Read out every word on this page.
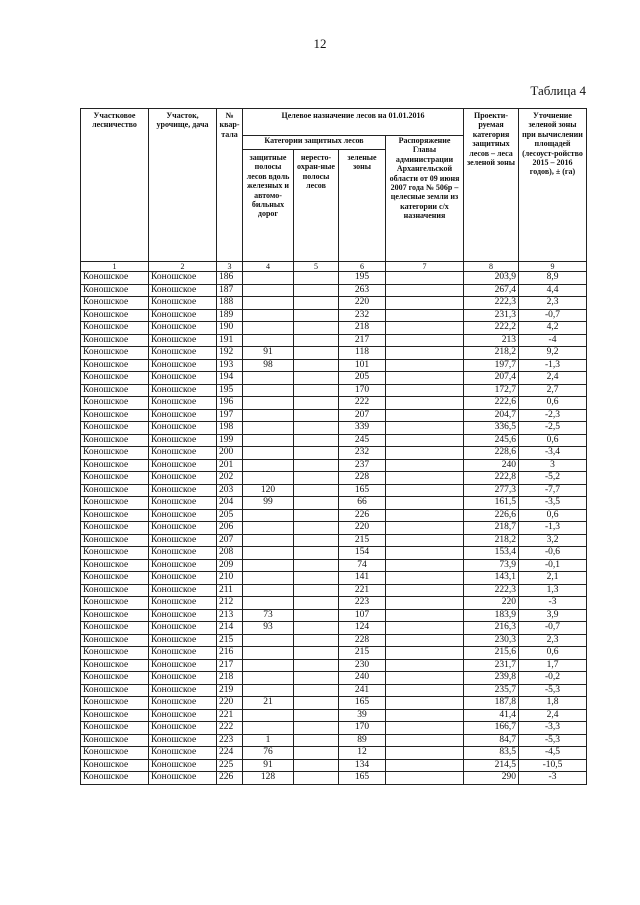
12
Таблица 4
Участковое лесничество	Участок, урочище, дача	№ квар-тала	Целевое назначение лесов на 01.01.2016				Проекти-руемая категория защитных лесов – леса зеленой зоны	Уточнение зеленой зоны при вычислении площадей (лесоуст-ройство 2015 – 2016 годов), ± (га)
			Категории защитных лесов			Распоряжение Главы администрации Архангельской области от 09 июня 2007 года № 506р – целесные земли из категории с/х назначения		
			защитные полосы лесов вдоль железных и автомо-бильных дорог	нересто-охран-ные полосы лесов	зеленые зоны			
1	2	3	4	5	6	7	8	9
Коношское	Коношское	186			195		203,9	8,9
Коношское	Коношское	187			263		267,4	4,4
Коношское	Коношское	188			220		222,3	2,3
Коношское	Коношское	189			232		231,3	-0,7
Коношское	Коношское	190			218		222,2	4,2
Коношское	Коношское	191			217		213	-4
Коношское	Коношское	192	91		118		218,2	9,2
Коношское	Коношское	193	98		101		197,7	-1,3
Коношское	Коношское	194			205		207,4	2,4
Коношское	Коношское	195			170		172,7	2,7
Коношское	Коношское	196			222		222,6	0,6
Коношское	Коношское	197			207		204,7	-2,3
Коношское	Коношское	198			339		336,5	-2,5
Коношское	Коношское	199			245		245,6	0,6
Коношское	Коношское	200			232		228,6	-3,4
Коношское	Коношское	201			237		240	3
Коношское	Коношское	202			228		222,8	-5,2
Коношское	Коношское	203	120		165		277,3	-7,7
Коношское	Коношское	204	99		66		161,5	-3,5
Коношское	Коношское	205			226		226,6	0,6
Коношское	Коношское	206			220		218,7	-1,3
Коношское	Коношское	207			215		218,2	3,2
Коношское	Коношское	208			154		153,4	-0,6
Коношское	Коношское	209			74		73,9	-0,1
Коношское	Коношское	210			141		143,1	2,1
Коношское	Коношское	211			221		222,3	1,3
Коношское	Коношское	212			223		220	-3
Коношское	Коношское	213	73		107		183,9	3,9
Коношское	Коношское	214	93		124		216,3	-0,7
Коношское	Коношское	215			228		230,3	2,3
Коношское	Коношское	216			215		215,6	0,6
Коношское	Коношское	217			230		231,7	1,7
Коношское	Коношское	218			240		239,8	-0,2
Коношское	Коношское	219			241		235,7	-5,3
Коношское	Коношское	220	21		165		187,8	1,8
Коношское	Коношское	221			39		41,4	2,4
Коношское	Коношское	222			170		166,7	-3,3
Коношское	Коношское	223	1		89		84,7	-5,3
Коношское	Коношское	224	76		12		83,5	-4,5
Коношское	Коношское	225	91		134		214,5	-10,5
Коношское	Коношское	226	128		165		290	-3
